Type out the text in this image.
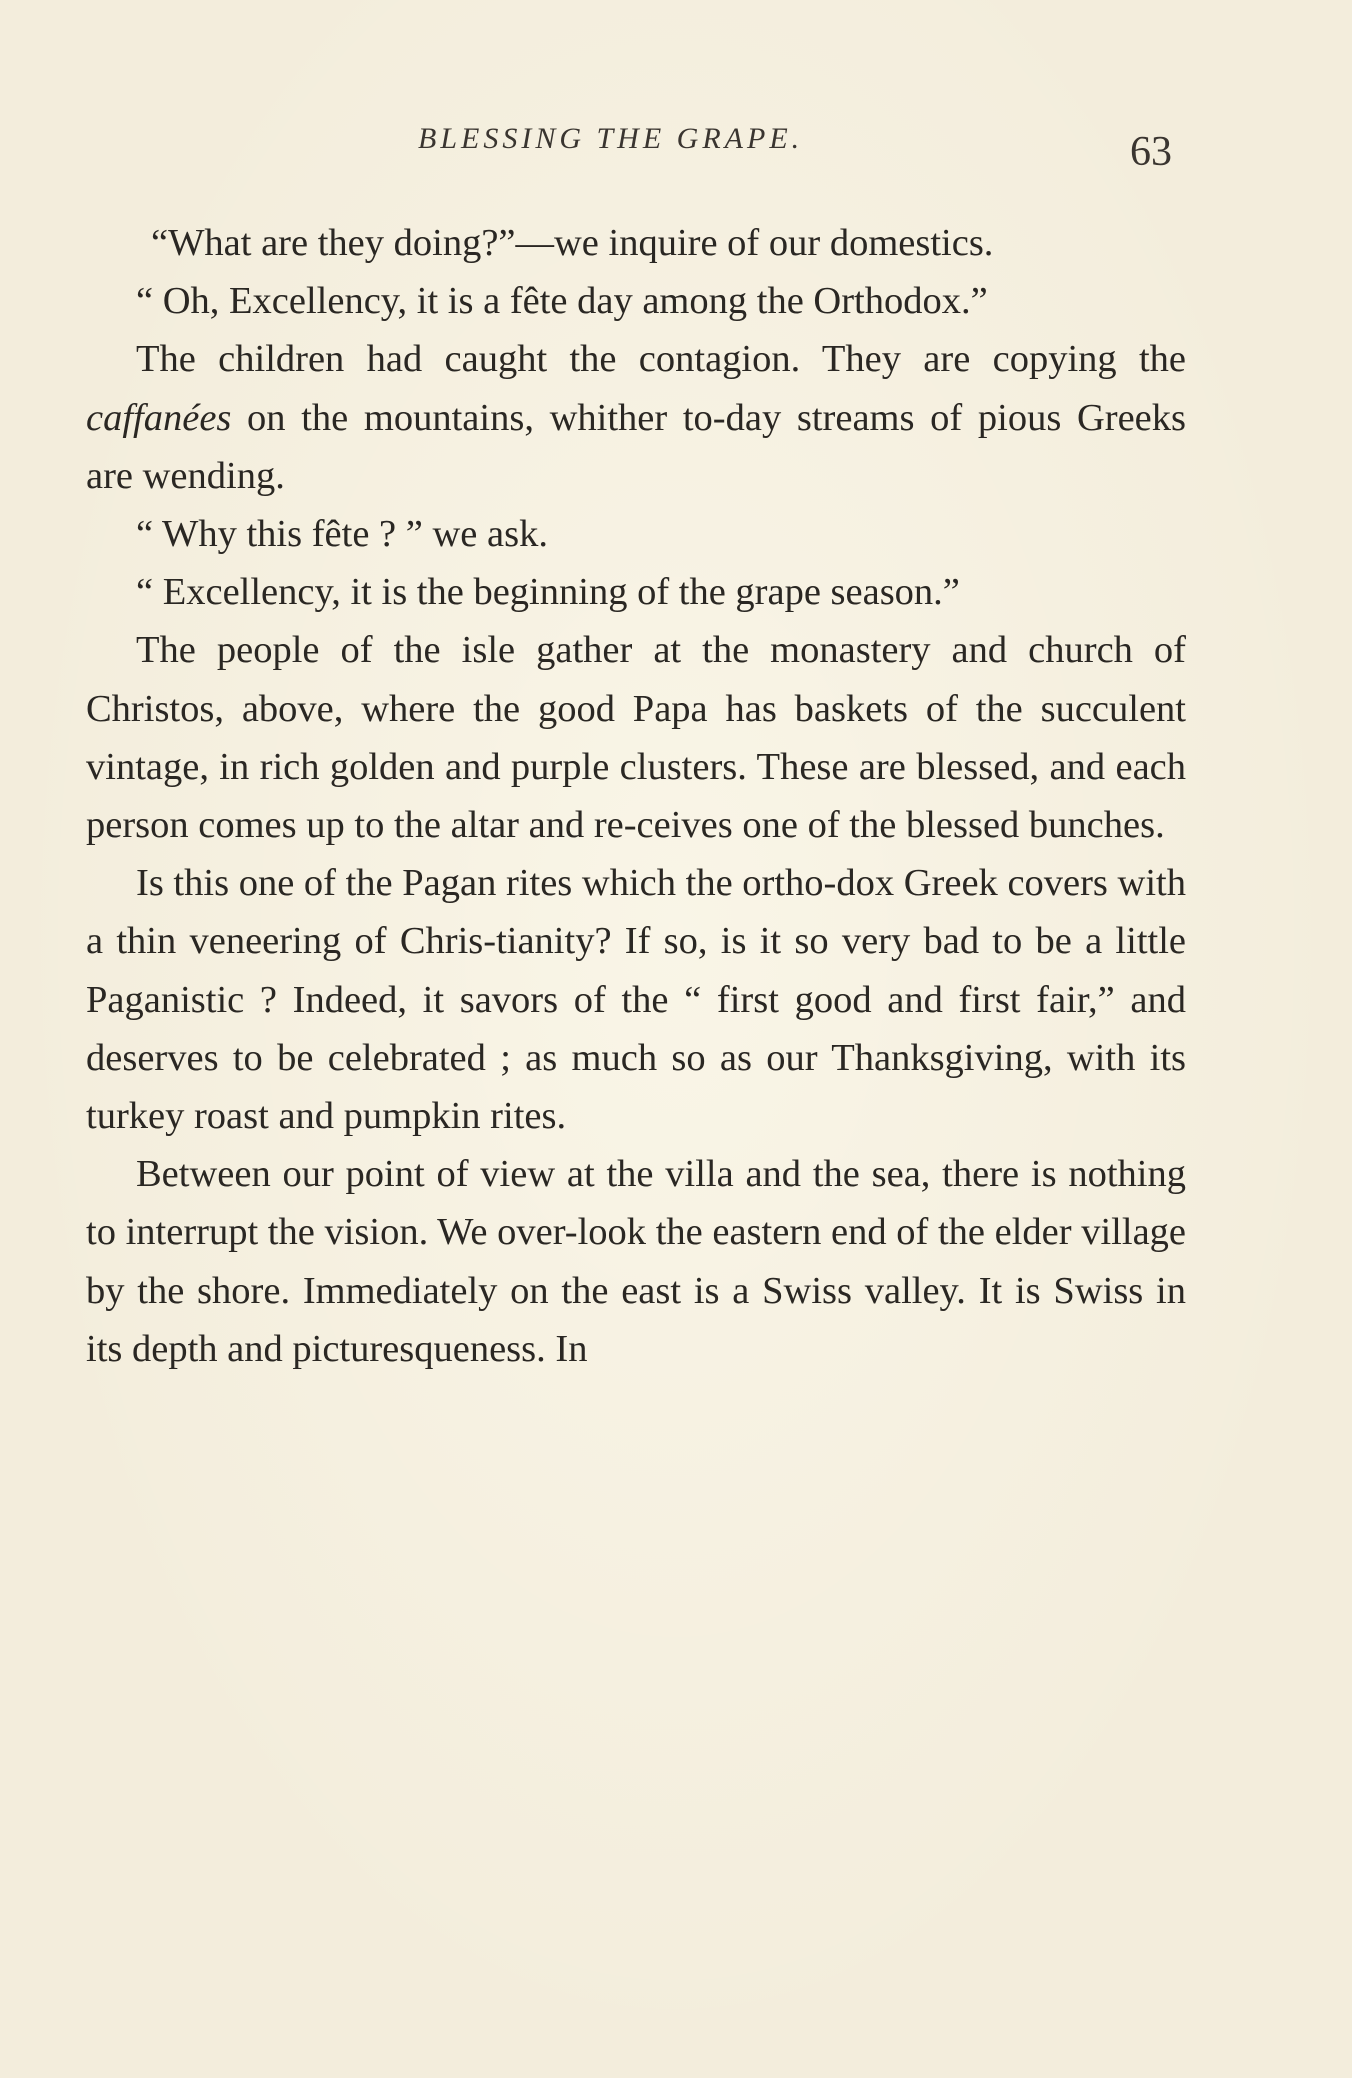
BLESSING THE GRAPE.	63

“What are they doing?”—we inquire of our domestics.

“ Oh, Excellency, it is a fête day among the Orthodox.”

The children had caught the contagion. They are copying the caffanées on the mountains, whither to-day streams of pious Greeks are wending.

“ Why this fête ? ” we ask.

“ Excellency, it is the beginning of the grape season.”

The people of the isle gather at the monastery and church of Christos, above, where the good Papa has baskets of the succulent vintage, in rich golden and purple clusters. These are blessed, and each person comes up to the altar and re-ceives one of the blessed bunches.

Is this one of the Pagan rites which the ortho-dox Greek covers with a thin veneering of Chris-tianity? If so, is it so very bad to be a little Paganistic ? Indeed, it savors of the “ first good and first fair,” and deserves to be celebrated ; as much so as our Thanksgiving, with its turkey roast and pumpkin rites.

Between our point of view at the villa and the sea, there is nothing to interrupt the vision. We over-look the eastern end of the elder village by the shore. Immediately on the east is a Swiss valley. It is Swiss in its depth and picturesqueness. In
